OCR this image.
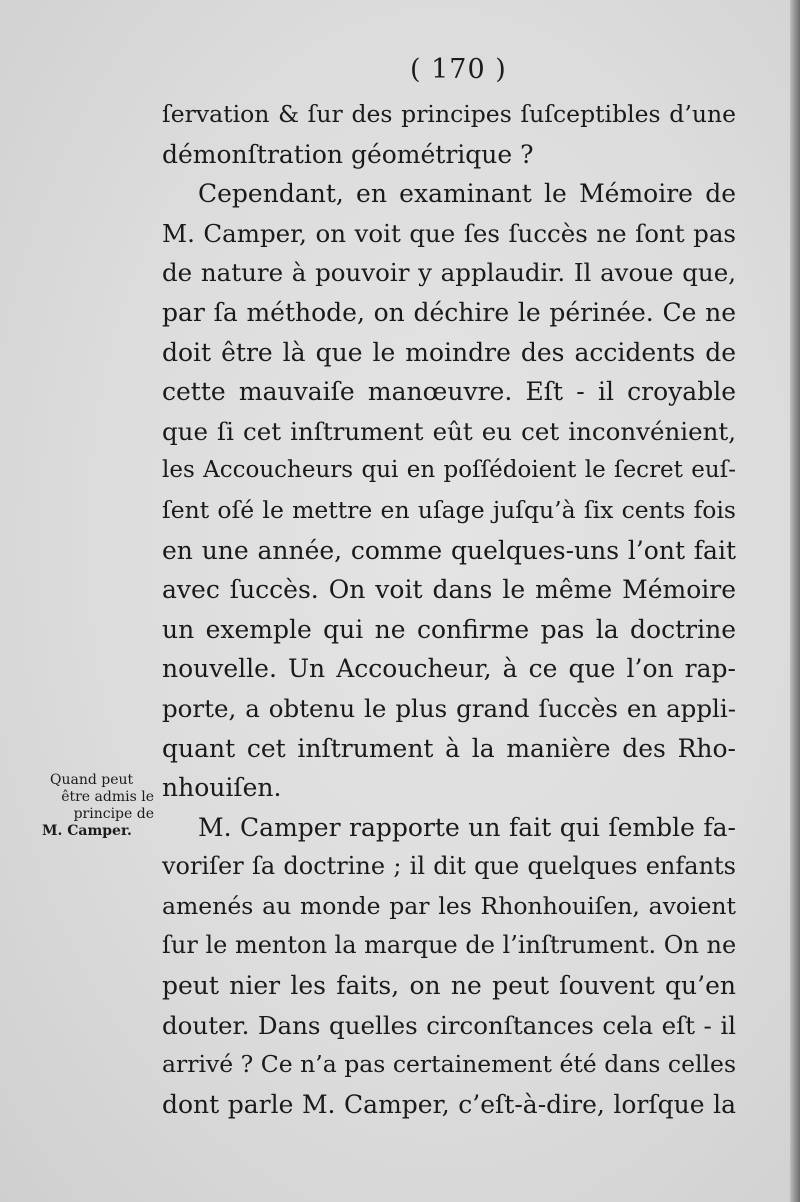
( 170 )
ſervation & ſur des principes ſuſceptibles d’une
démonſtration géométrique ?
Cependant, en examinant le Mémoire de
M. Camper, on voit que ſes ſuccès ne ſont pas
de nature à pouvoir y applaudir. Il avoue que,
par ſa méthode, on déchire le périnée. Ce ne
doit être là que le moindre des accidents de
cette mauvaiſe manœuvre. Eſt - il croyable
que ſi cet inſtrument eût eu cet inconvénient,
les Accoucheurs qui en poſſédoient le ſecret euſ-
ſent oſé le mettre en uſage juſqu’à ſix cents fois
en une année, comme quelques-uns l’ont fait
avec ſuccès. On voit dans le même Mémoire
un exemple qui ne confirme pas la doctrine
nouvelle. Un Accoucheur, à ce que l’on rap-
porte, a obtenu le plus grand ſuccès en appli-
quant cet inſtrument à la manière des Rho-
nhouiſen.
M. Camper rapporte un fait qui ſemble fa-
voriſer ſa doctrine ; il dit que quelques enfants
amenés au monde par les Rhonhouiſen, avoient
ſur le menton la marque de l’inſtrument. On ne
peut nier les faits, on ne peut ſouvent qu’en
douter. Dans quelles circonſtances cela eſt - il
arrivé ? Ce n’a pas certainement été dans celles
dont parle M. Camper, c’eſt-à-dire, lorſque la
Quand peut
être admis le
principe de
M. Camper.
